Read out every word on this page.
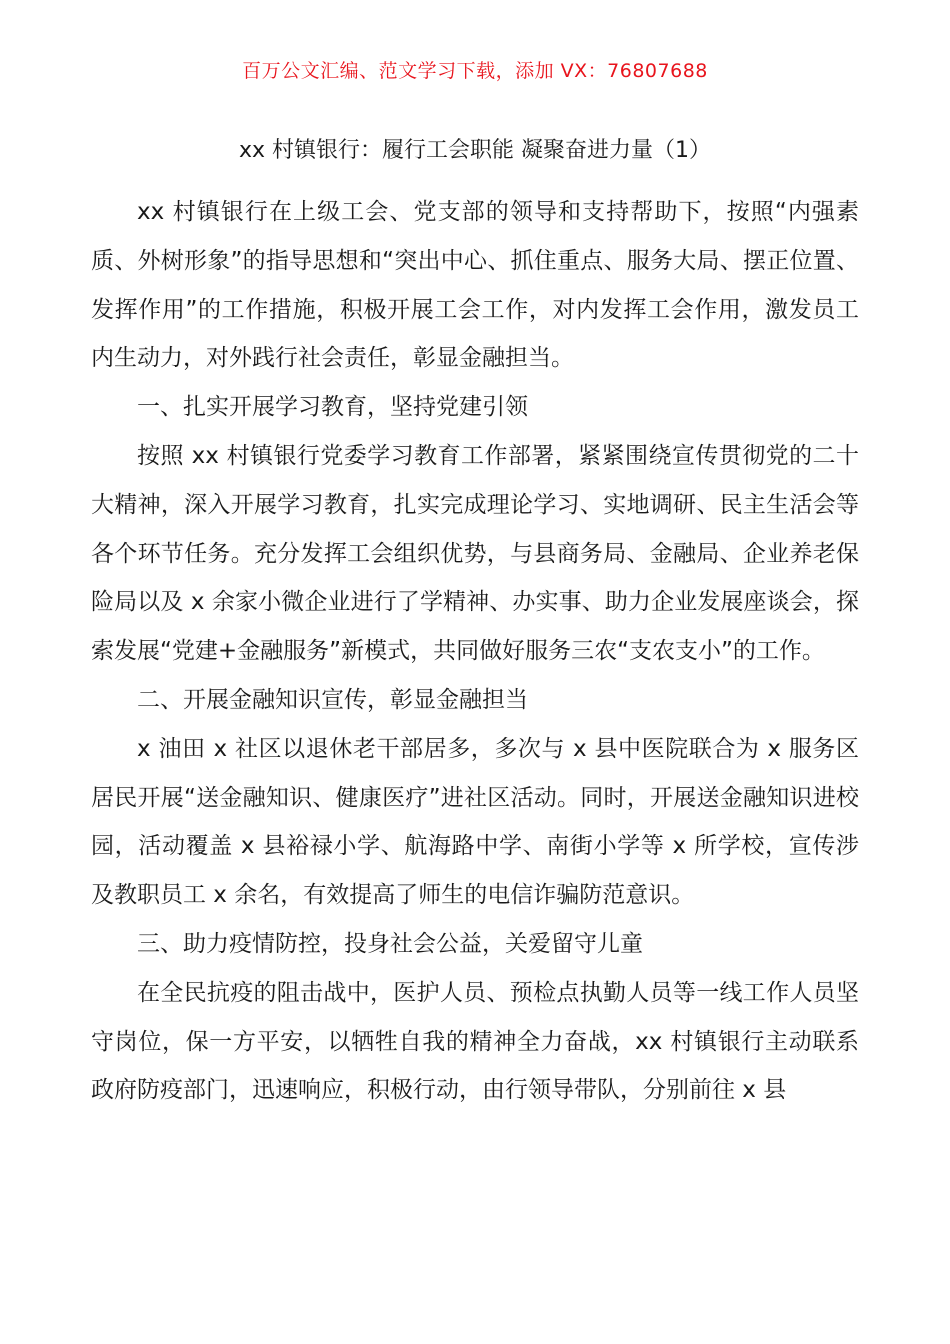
百万公文汇编、范文学习下载，添加 VX：76807688
xx 村镇银行：履行工会职能 凝聚奋进力量（1）

xx 村镇银行在上级工会、党支部的领导和支持帮助下，按照“内强素质、外树形象”的指导思想和“突出中心、抓住重点、服务大局、摆正位置、发挥作用”的工作措施，积极开展工会工作，对内发挥工会作用，激发员工内生动力，对外践行社会责任，彰显金融担当。

一、扎实开展学习教育，坚持党建引领

按照 xx 村镇银行党委学习教育工作部署，紧紧围绕宣传贯彻党的二十大精神，深入开展学习教育，扎实完成理论学习、实地调研、民主生活会等各个环节任务。充分发挥工会组织优势，与县商务局、金融局、企业养老保险局以及 x 余家小微企业进行了学精神、办实事、助力企业发展座谈会，探索发展“党建+金融服务”新模式，共同做好服务三农“支农支小”的工作。

二、开展金融知识宣传，彰显金融担当

x 油田 x 社区以退休老干部居多，多次与 x 县中医院联合为 x 服务区居民开展“送金融知识、健康医疗”进社区活动。同时，开展送金融知识进校园，活动覆盖 x 县裕禄小学、航海路中学、南街小学等 x 所学校，宣传涉及教职员工 x 余名，有效提高了师生的电信诈骗防范意识。

三、助力疫情防控，投身社会公益，关爱留守儿童

在全民抗疫的阻击战中，医护人员、预检点执勤人员等一线工作人员坚守岗位，保一方平安，以牺牲自我的精神全力奋战，xx 村镇银行主动联系政府防疫部门，迅速响应，积极行动，由行领导带队，分别前往 x 县
